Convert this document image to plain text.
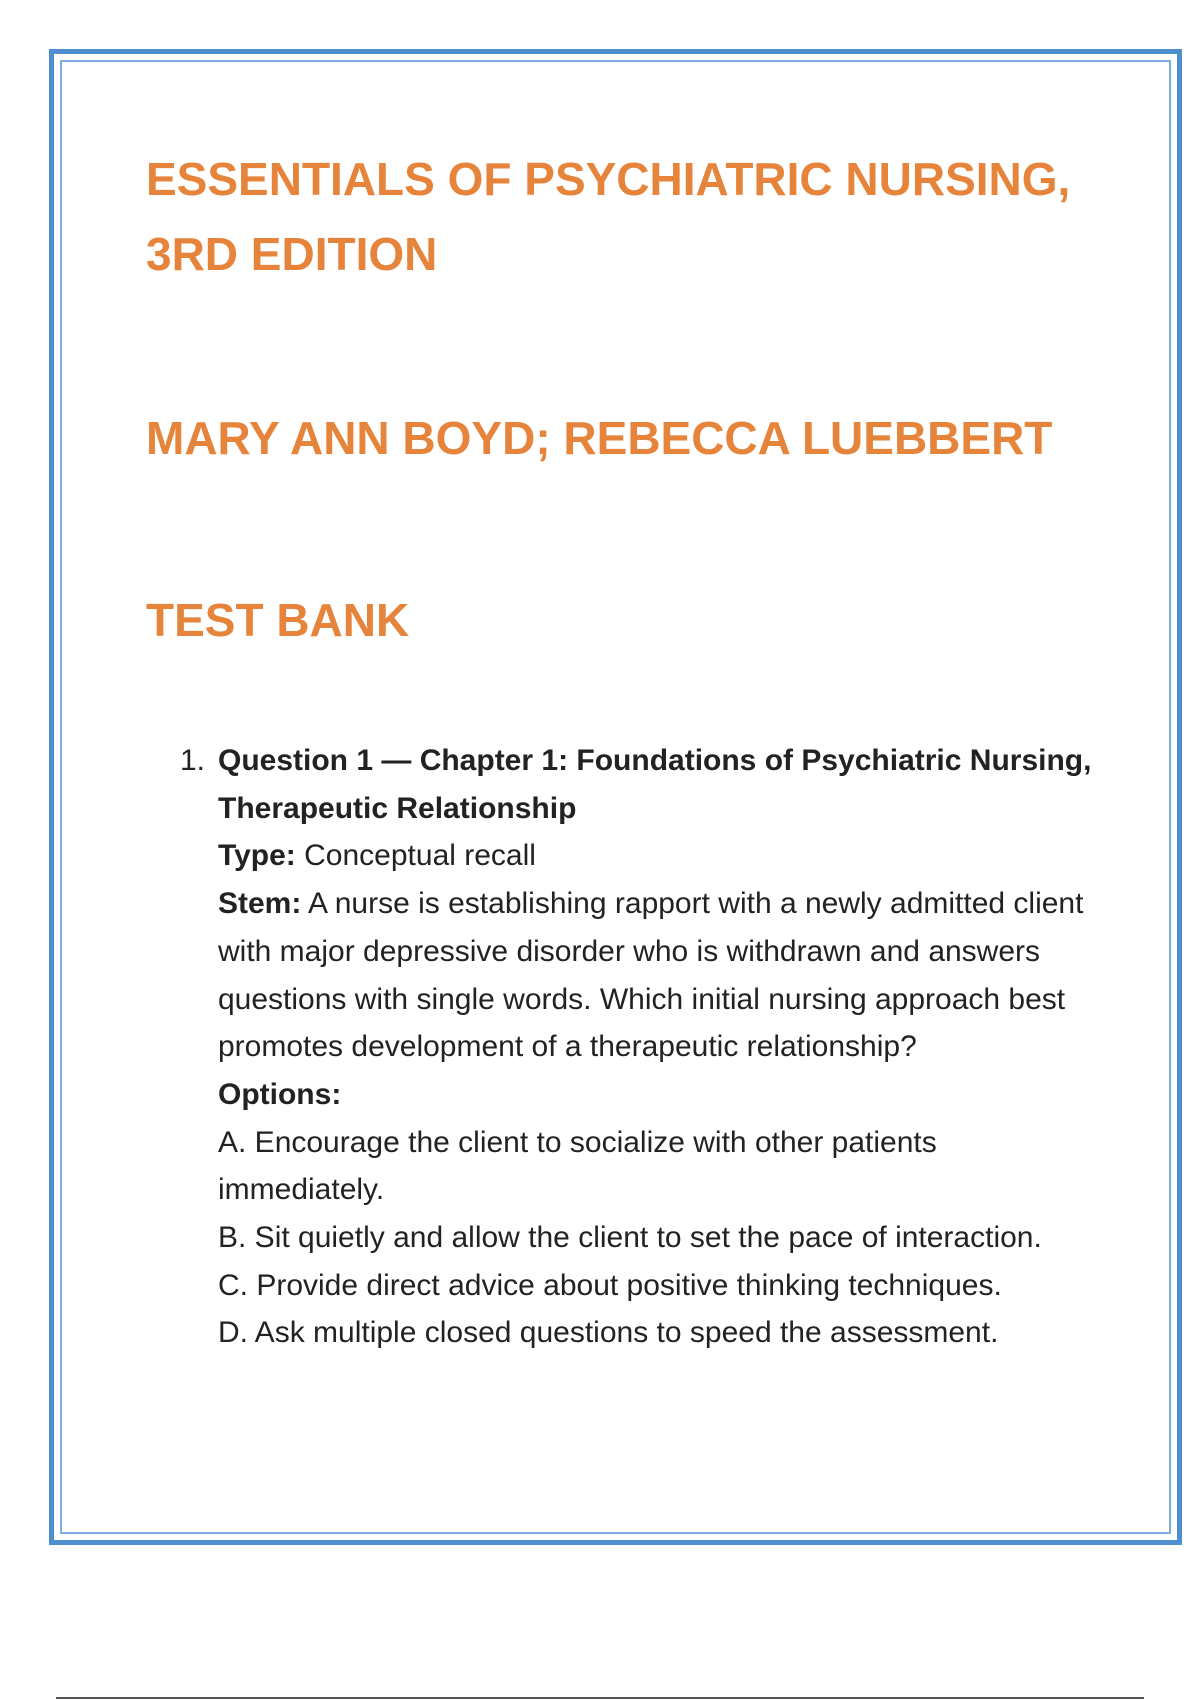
ESSENTIALS OF PSYCHIATRIC NURSING, 3RD EDITION
MARY ANN BOYD; REBECCA LUEBBERT
TEST BANK
1. Question 1 — Chapter 1: Foundations of Psychiatric Nursing, Therapeutic Relationship
Type: Conceptual recall
Stem: A nurse is establishing rapport with a newly admitted client with major depressive disorder who is withdrawn and answers questions with single words. Which initial nursing approach best promotes development of a therapeutic relationship?
Options:
A. Encourage the client to socialize with other patients immediately.
B. Sit quietly and allow the client to set the pace of interaction.
C. Provide direct advice about positive thinking techniques.
D. Ask multiple closed questions to speed the assessment.
